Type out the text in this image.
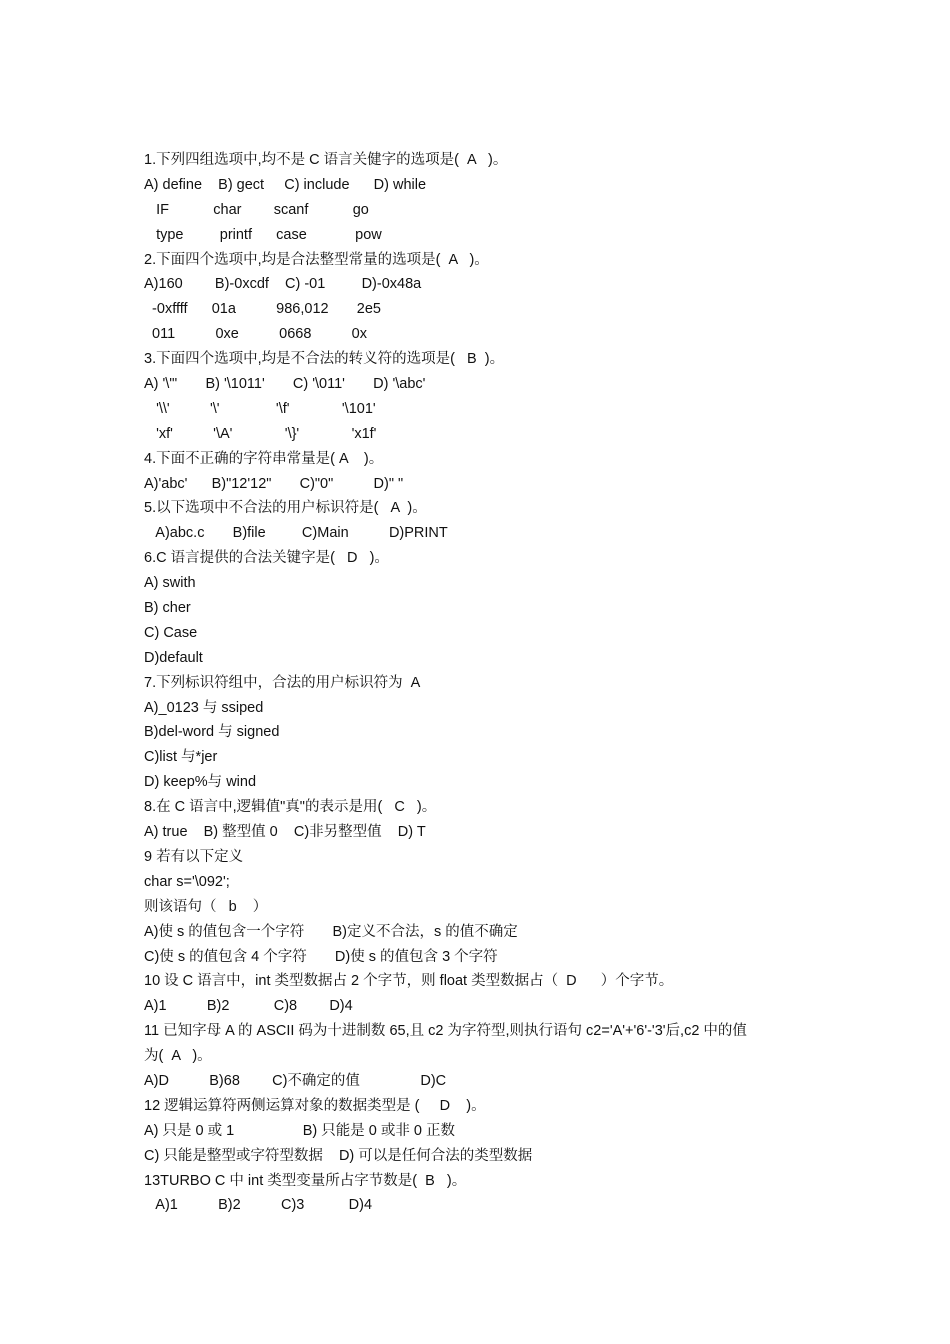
1.下列四组选项中,均不是 C 语言关健字的选项是(  A   )。
A) define    B) gect     C) include      D) while
IF           char        scanf           go
type         printf      case            pow
2.下面四个选项中,均是合法整型常量的选项是(  A   )。
A)160        B)-0xcdf    C) -01         D)-0x48a
-0xffff      01a          986,012       2e5
011          0xe          0668          0x
3.下面四个选项中,均是不合法的转义符的选项是(   B  )。
A) '\"'       B) '\1011'       C) '\011'       D) '\abc'
'\\'          '\'              '\f'             '\101'
'xf'          '\A'             '\}'             'x1f'
4.下面不正确的字符串常量是( A    )。
A)'abc'      B)"12'12"       C)"0"          D)" "
5.以下选项中不合法的用户标识符是(   A  )。
A)abc.c       B)file         C)Main          D)PRINT
6.C 语言提供的合法关键字是(   D   )。
A) swith
B) cher
C) Case
D)default
7.下列标识符组中，合法的用户标识符为  A
A)_0123 与 ssiped
B)del-word 与 signed
C)list 与*jer
D) keep%与 wind
8.在 C 语言中,逻辑值"真"的表示是用(   C   )。
A) true    B) 整型值 0    C)非另整型值    D) T
9 若有以下定义
char s='\092';
则该语句（   b    ）
A)使 s 的值包含一个字符       B)定义不合法，s 的值不确定
C)使 s 的值包含 4 个字符       D)使 s 的值包含 3 个字符
10 设 C 语言中，int 类型数据占 2 个字节，则 float 类型数据占（  D      ）个字节。
A)1          B)2           C)8        D)4
11 已知字母 A 的 ASCII 码为十进制数 65,且 c2 为字符型,则执行语句 c2='A'+'6'-'3'后,c2 中的值
为(  A   )。
A)D          B)68        C)不确定的值               D)C
12 逻辑运算符两侧运算对象的数据类型是 (     D    )。
A) 只是 0 或 1                 B) 只能是 0 或非 0 正数
C) 只能是整型或字符型数据    D) 可以是任何合法的类型数据
13TURBO C 中 int 类型变量所占字节数是(  B   )。
A)1          B)2          C)3           D)4
